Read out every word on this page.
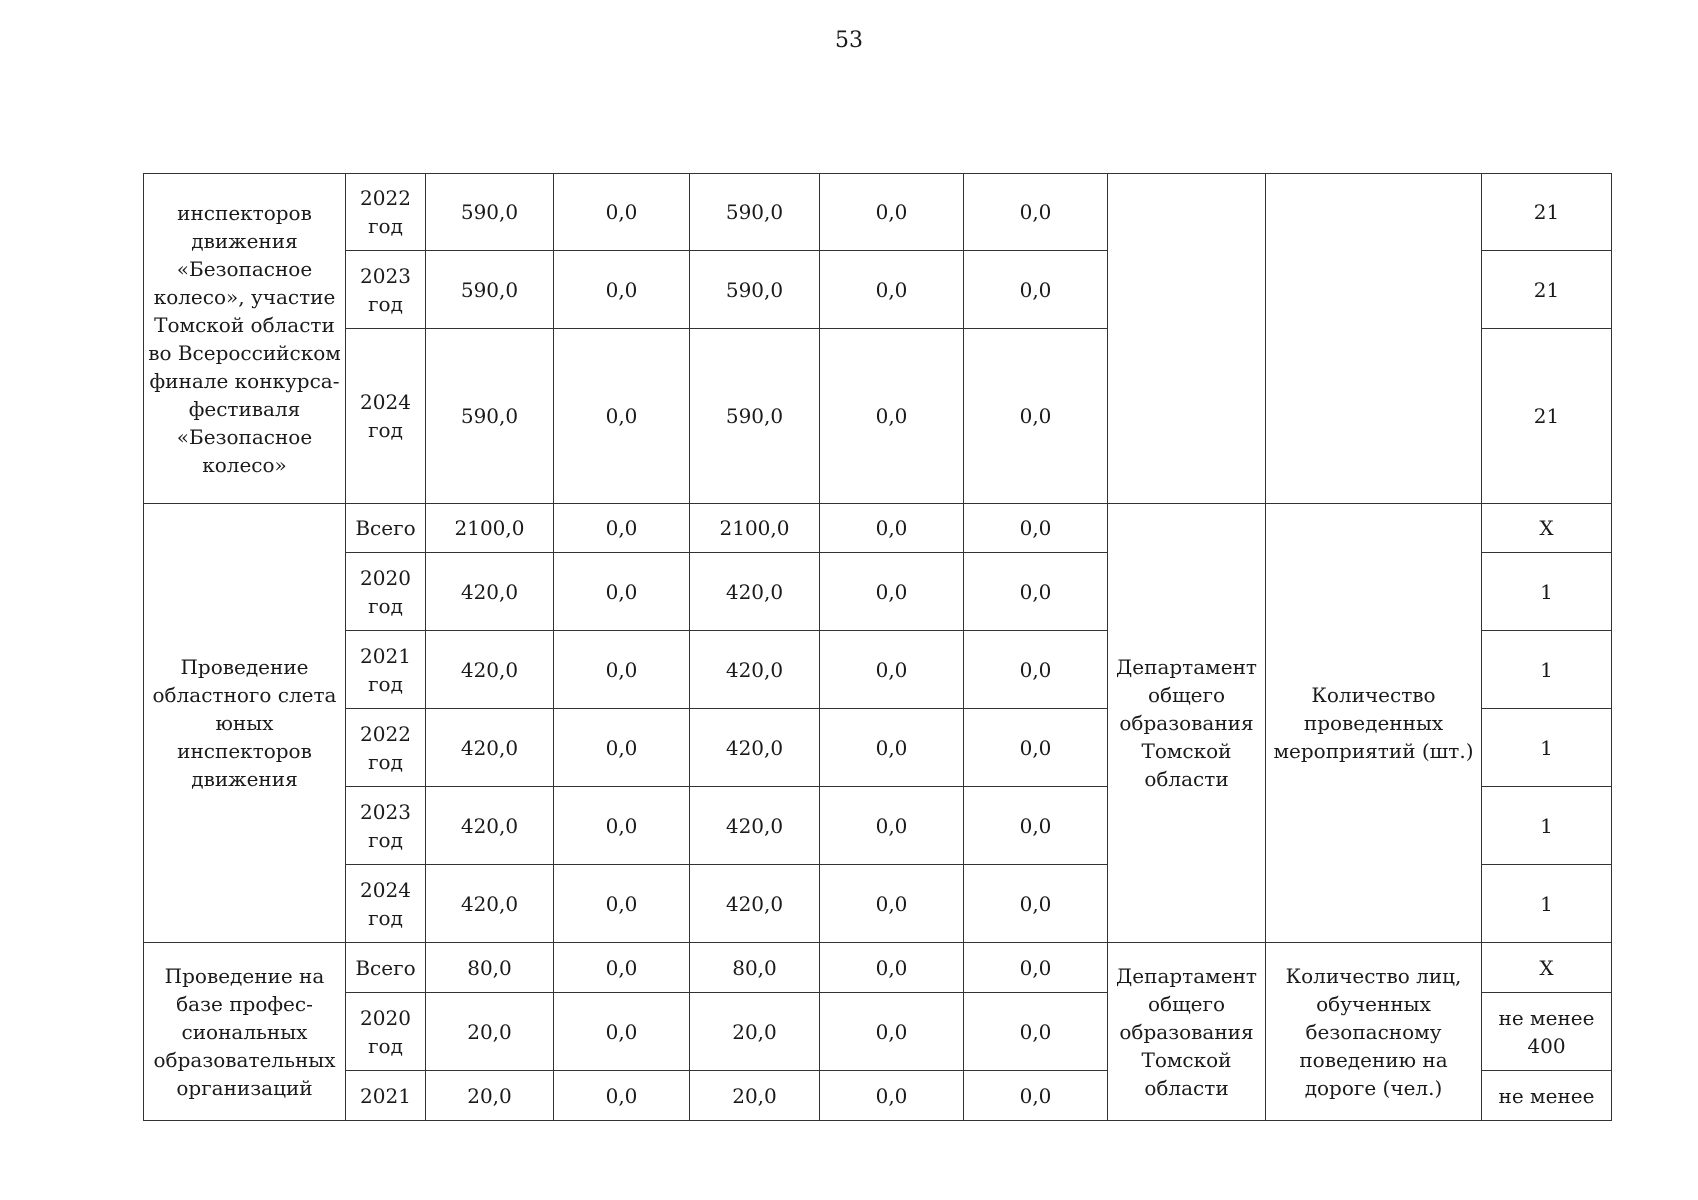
53
инспекторов движения «Безопасное колесо», участие Томской области во Всероссийском финале конкурса-фестиваля «Безопасное колесо»	2022 год	590,0	0,0	590,0	0,0	0,0			21
	2023 год	590,0	0,0	590,0	0,0	0,0			21
	2024 год	590,0	0,0	590,0	0,0	0,0			21
Проведение областного слета юных инспекторов движения	Всего	2100,0	0,0	2100,0	0,0	0,0	Департамент общего образования Томской области	Количество проведенных мероприятий (шт.)	Х
	2020 год	420,0	0,0	420,0	0,0	0,0			1
	2021 год	420,0	0,0	420,0	0,0	0,0			1
	2022 год	420,0	0,0	420,0	0,0	0,0			1
	2023 год	420,0	0,0	420,0	0,0	0,0			1
	2024 год	420,0	0,0	420,0	0,0	0,0			1
Проведение на базе профес-сиональных образовательных организаций	Всего	80,0	0,0	80,0	0,0	0,0	Департамент общего образования Томской области	Количество лиц, обученных безопасному поведению на дороге (чел.)	Х
	2020 год	20,0	0,0	20,0	0,0	0,0			не менее 400
	2021	20,0	0,0	20,0	0,0	0,0			не менее
